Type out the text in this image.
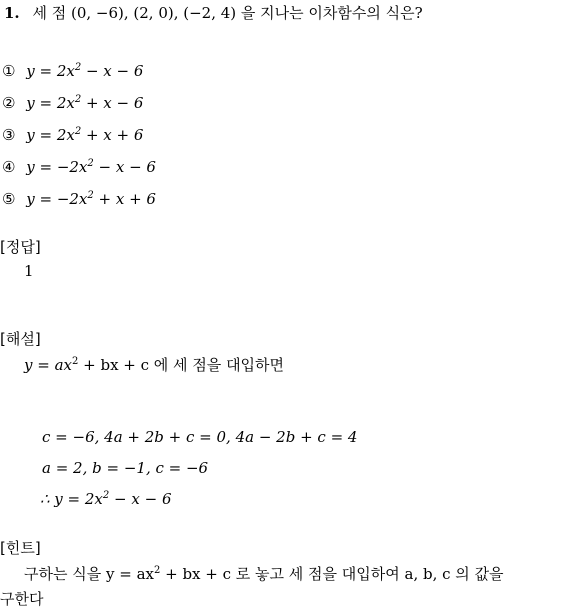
1. 세 점 (0, −6), (2, 0), (−2, 4) 을 지나는 이차함수의 식은?
① $y = 2x^2 - x - 6$
② $y = 2x^2 + x - 6$
③ $y = 2x^2 + x + 6$
④ $y = -2x^2 - x - 6$
⑤ $y = -2x^2 + x + 6$
[정답]
1
[해설]
$y = ax^2$ + bx + c 에 세 점을 대입하면
c = −6, 4a + 2b + c = 0, 4a − 2b + c = 4
a = 2, b = −1, c = −6
∴ $y = 2x^2 - x - 6$
[힌트]
구하는 식을 $y = ax^2$ + bx + c 로 놓고 세 점을 대입하여 a, b, c 의 값을
구한다
